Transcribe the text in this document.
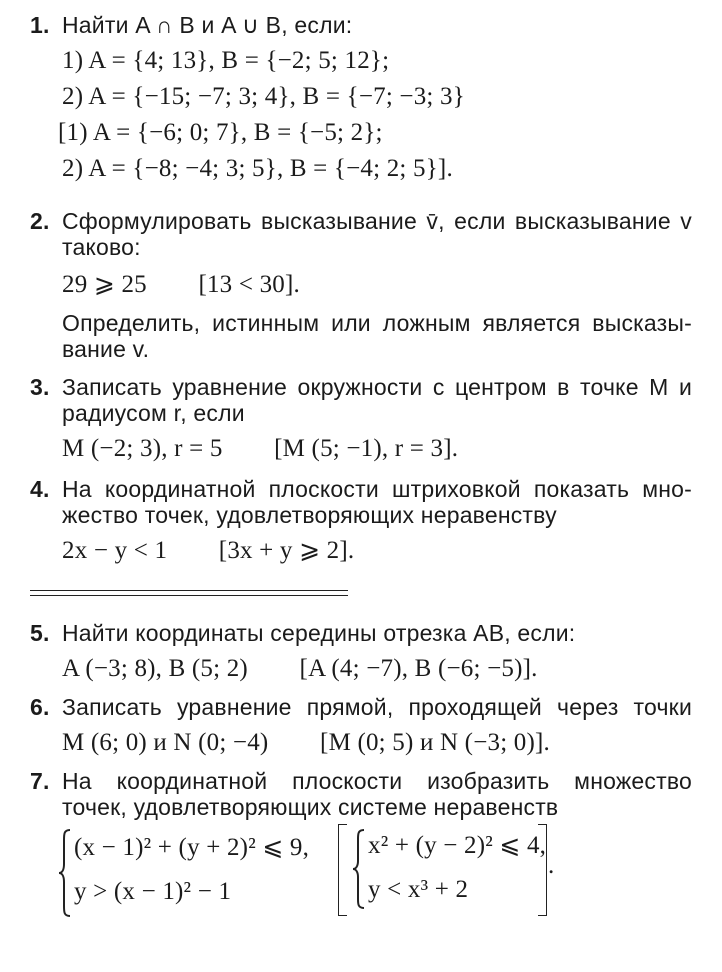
1. Найти A ∩ B и A ∪ B, если:
1) A = {4; 13}, B = {−2; 5; 12};
2) A = {−15; −7; 3; 4}, B = {−7; −3; 3}
[1) A = {−6; 0; 7}, B = {−5; 2};
2) A = {−8; −4; 3; 5}, B = {−4; 2; 5}].
2. Сформулировать высказывание v̄, если высказывание v
таково:
29 ⩾ 25        [13 < 30].
Определить, истинным или ложным является высказы-
вание v.
3. Записать уравнение окружности с центром в точке M и
радиусом r, если
M (−2; 3), r = 5        [M (5; −1), r = 3].
4. На координатной плоскости штриховкой показать мно-
жество точек, удовлетворяющих неравенству
2x − y < 1        [3x + y ⩾ 2].
5. Найти координаты середины отрезка AB, если:
A (−3; 8), B (5; 2)        [A (4; −7), B (−6; −5)].
6. Записать уравнение прямой, проходящей через точки
M (6; 0) и N (0; −4)        [M (0; 5) и N (−3; 0)].
7. На координатной плоскости изобразить множество
точек, удовлетворяющих системе неравенств
(x − 1)² + (y + 2)² ⩽ 9,
y > (x − 1)² − 1
x² + (y − 2)² ⩽ 4,
y < x³ + 2
.
